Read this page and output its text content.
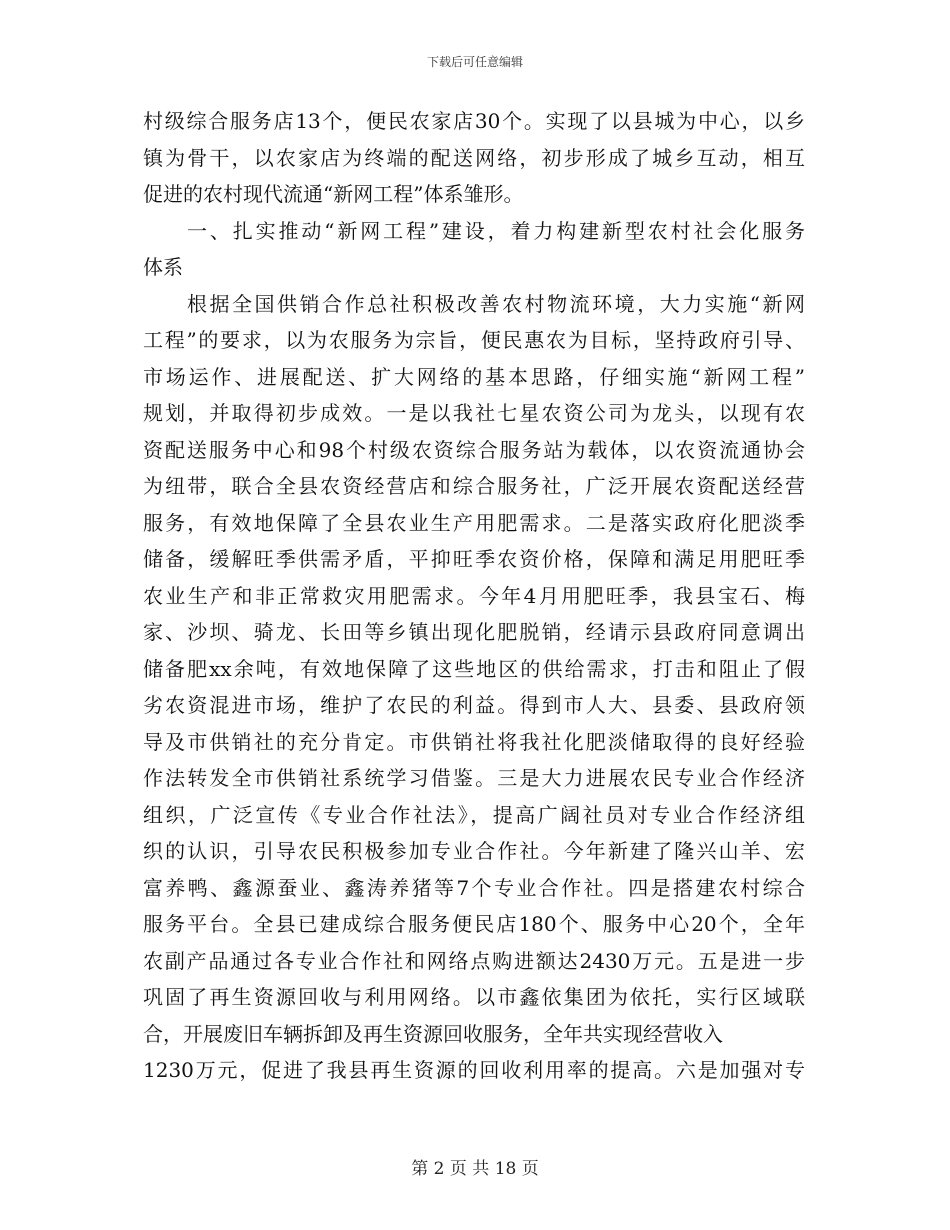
下载后可任意编辑
村级综合服务店13个，便民农家店30个。实现了以县城为中心，以乡
镇为骨干，以农家店为终端的配送网络，初步形成了城乡互动，相互
促进的农村现代流通“新网工程”体系雏形。
一、扎实推动“新网工程”建设，着力构建新型农村社会化服务
体系
根据全国供销合作总社积极改善农村物流环境，大力实施“新网
工程”的要求，以为农服务为宗旨，便民惠农为目标，坚持政府引导、
市场运作、进展配送、扩大网络的基本思路，仔细实施“新网工程”
规划，并取得初步成效。一是以我社七星农资公司为龙头，以现有农
资配送服务中心和98个村级农资综合服务站为载体，以农资流通协会
为纽带，联合全县农资经营店和综合服务社，广泛开展农资配送经营
服务，有效地保障了全县农业生产用肥需求。二是落实政府化肥淡季
储备，缓解旺季供需矛盾，平抑旺季农资价格，保障和满足用肥旺季
农业生产和非正常救灾用肥需求。今年4月用肥旺季，我县宝石、梅
家、沙坝、骑龙、长田等乡镇出现化肥脱销，经请示县政府同意调出
储备肥xx余吨，有效地保障了这些地区的供给需求，打击和阻止了假
劣农资混进市场，维护了农民的利益。得到市人大、县委、县政府领
导及市供销社的充分肯定。市供销社将我社化肥淡储取得的良好经验
作法转发全市供销社系统学习借鉴。三是大力进展农民专业合作经济
组织，广泛宣传《专业合作社法》，提高广阔社员对专业合作经济组
织的认识，引导农民积极参加专业合作社。今年新建了隆兴山羊、宏
富养鸭、鑫源蚕业、鑫涛养猪等7个专业合作社。四是搭建农村综合
服务平台。全县已建成综合服务便民店180个、服务中心20个，全年
农副产品通过各专业合作社和网络点购进额达2430万元。五是进一步
巩固了再生资源回收与利用网络。以市鑫依集团为依托，实行区域联
合，开展废旧车辆拆卸及再生资源回收服务，全年共实现经营收入
1230万元，促进了我县再生资源的回收利用率的提高。六是加强对专
第 2 页 共 18 页
